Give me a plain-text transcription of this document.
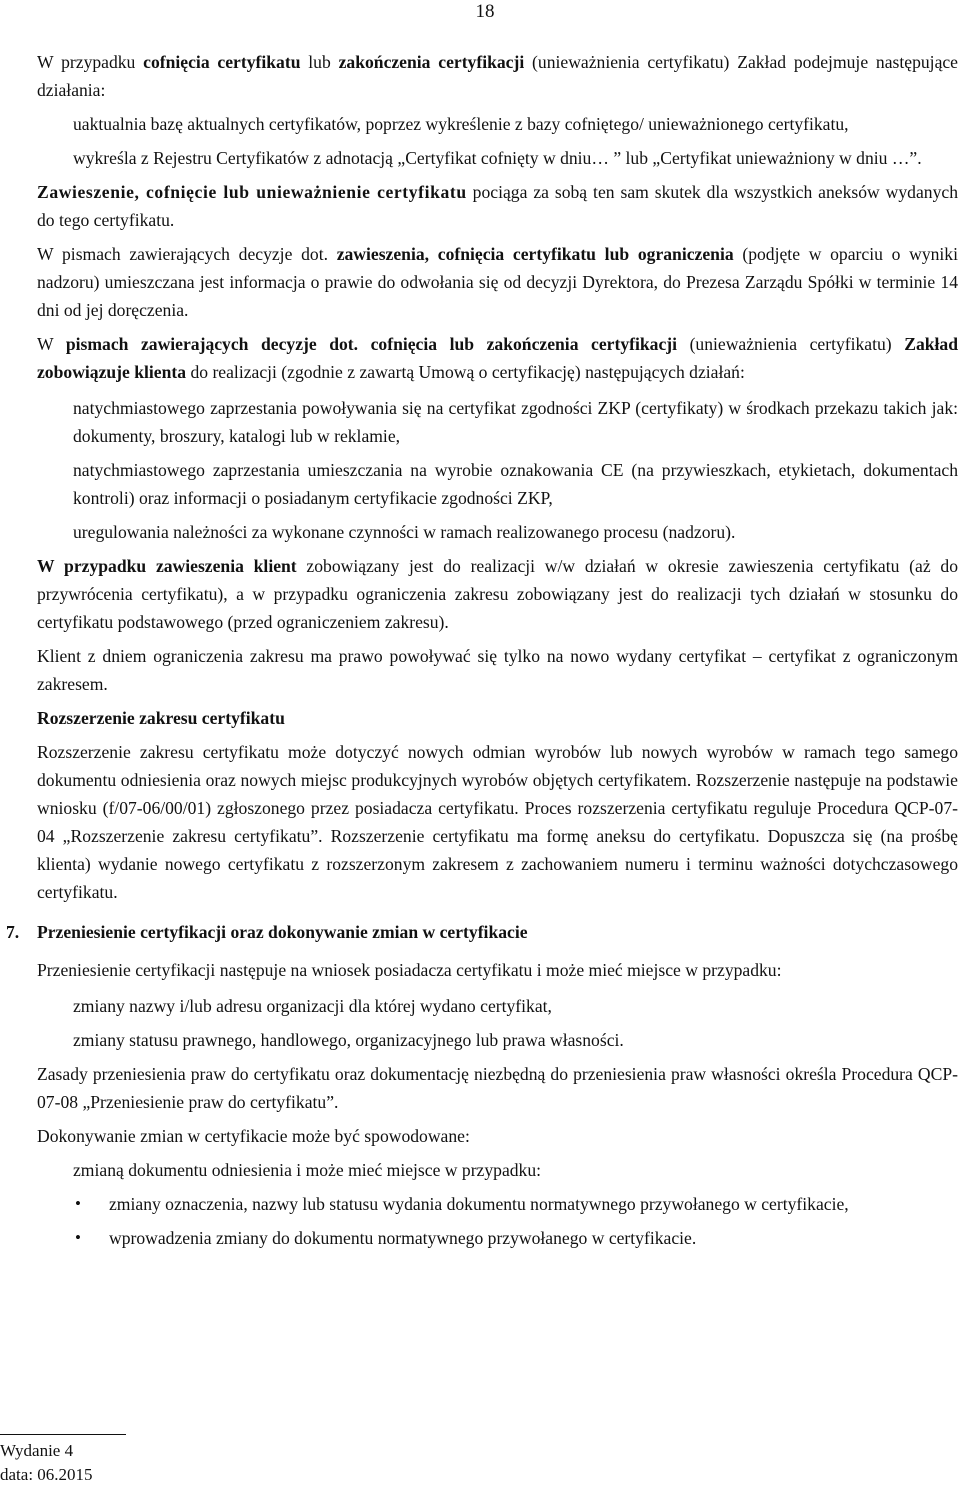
18

W przypadku cofnięcia certyfikatu lub zakończenia certyfikacji (unieważnienia certyfikatu) Zakład podejmuje następujące działania:

uaktualnia bazę aktualnych certyfikatów, poprzez wykreślenie z bazy cofniętego/ unieważnionego certyfikatu,

wykreśla z Rejestru Certyfikatów z adnotacją „Certyfikat cofnięty w dniu… ” lub „Certyfikat unieważniony w dniu …”.

Zawieszenie, cofnięcie lub unieważnienie certyfikatu pociąga za sobą ten sam skutek dla wszystkich aneksów wydanych do tego certyfikatu.

W pismach zawierających decyzje dot. zawieszenia, cofnięcia certyfikatu lub ograniczenia (podjęte w oparciu o wyniki nadzoru) umieszczana jest informacja o prawie do odwołania się od decyzji Dyrektora, do Prezesa Zarządu Spółki w terminie 14 dni od jej doręczenia.

W pismach zawierających decyzje dot. cofnięcia lub zakończenia certyfikacji (unieważnienia certyfikatu) Zakład zobowiązuje klienta do realizacji (zgodnie z zawartą Umową o certyfikację) następujących działań:

natychmiastowego zaprzestania powoływania się na certyfikat zgodności ZKP (certyfikaty) w środkach przekazu takich jak: dokumenty, broszury, katalogi lub w reklamie,

natychmiastowego zaprzestania umieszczania na wyrobie oznakowania CE (na przywieszkach, etykietach, dokumentach kontroli) oraz informacji o posiadanym certyfikacie zgodności ZKP,

uregulowania należności za wykonane czynności w ramach realizowanego procesu (nadzoru).

W przypadku zawieszenia klient zobowiązany jest do realizacji w/w działań w okresie zawieszenia certyfikatu (aż do przywrócenia certyfikatu), a w przypadku ograniczenia zakresu zobowiązany jest do realizacji tych działań w stosunku do certyfikatu podstawowego (przed ograniczeniem zakresu).

Klient z dniem ograniczenia zakresu ma prawo powoływać się tylko na nowo wydany certyfikat – certyfikat z ograniczonym zakresem.

Rozszerzenie zakresu certyfikatu

Rozszerzenie zakresu certyfikatu może dotyczyć nowych odmian wyrobów lub nowych wyrobów w ramach tego samego dokumentu odniesienia oraz nowych miejsc produkcyjnych wyrobów objętych certyfikatem. Rozszerzenie następuje na podstawie wniosku (f/07-06/00/01) zgłoszonego przez posiadacza certyfikatu. Proces rozszerzenia certyfikatu reguluje Procedura QCP-07-04 „Rozszerzenie zakresu certyfikatu”. Rozszerzenie certyfikatu ma formę aneksu do certyfikatu. Dopuszcza się (na prośbę klienta) wydanie nowego certyfikatu z rozszerzonym zakresem z zachowaniem numeru i terminu ważności dotychczasowego certyfikatu.

7. Przeniesienie certyfikacji oraz dokonywanie zmian w certyfikacie

Przeniesienie certyfikacji następuje na wniosek posiadacza certyfikatu i może mieć miejsce w przypadku:

zmiany nazwy i/lub adresu organizacji dla której wydano certyfikat,

zmiany statusu prawnego, handlowego, organizacyjnego lub prawa własności.

Zasady przeniesienia praw do certyfikatu oraz dokumentację niezbędną do przeniesienia praw własności określa Procedura QCP-07-08 „Przeniesienie praw do certyfikatu”.

Dokonywanie zmian w certyfikacie może być spowodowane:

zmianą dokumentu odniesienia i może mieć miejsce w przypadku:

• zmiany oznaczenia, nazwy lub statusu wydania dokumentu normatywnego przywołanego w certyfikacie,
• wprowadzenia zmiany do dokumentu normatywnego przywołanego w certyfikacie.
Wydanie 4
data: 06.2015
